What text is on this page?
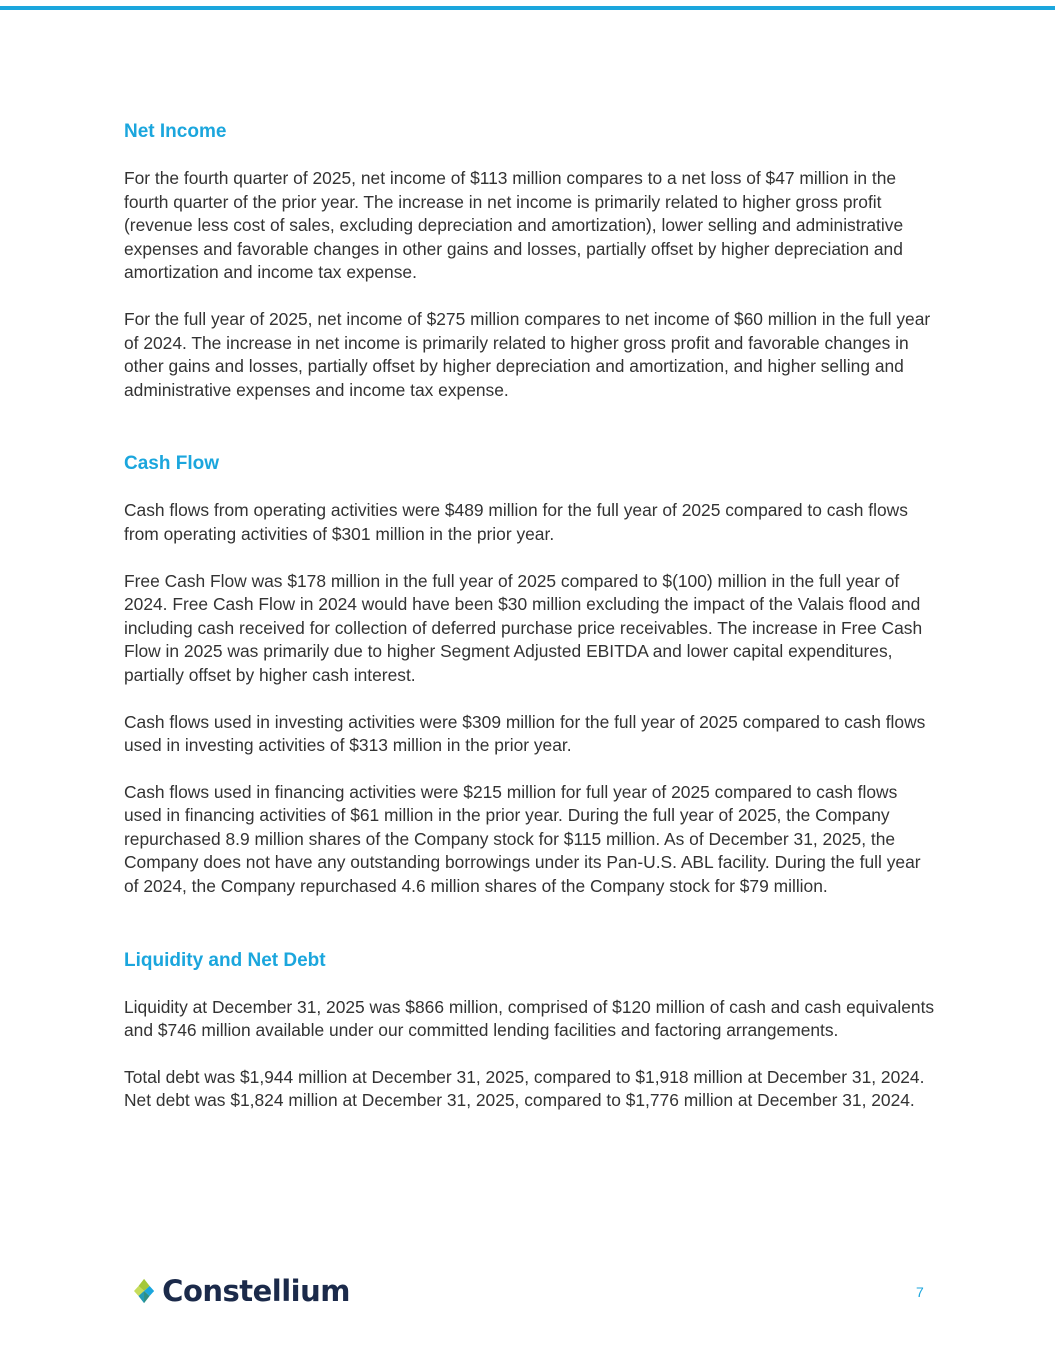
Net Income

For the fourth quarter of 2025, net income of $113 million compares to a net loss of $47 million in the fourth quarter of the prior year. The increase in net income is primarily related to higher gross profit (revenue less cost of sales, excluding depreciation and amortization), lower selling and administrative expenses and favorable changes in other gains and losses, partially offset by higher depreciation and amortization and income tax expense.

For the full year of 2025, net income of $275 million compares to net income of $60 million in the full year of 2024. The increase in net income is primarily related to higher gross profit and favorable changes in other gains and losses, partially offset by higher depreciation and amortization, and higher selling and administrative expenses and income tax expense.

Cash Flow

Cash flows from operating activities were $489 million for the full year of 2025 compared to cash flows from operating activities of $301 million in the prior year.

Free Cash Flow was $178 million in the full year of 2025 compared to $(100) million in the full year of 2024. Free Cash Flow in 2024 would have been $30 million excluding the impact of the Valais flood and including cash received for collection of deferred purchase price receivables. The increase in Free Cash Flow in 2025 was primarily due to higher Segment Adjusted EBITDA and lower capital expenditures, partially offset by higher cash interest.

Cash flows used in investing activities were $309 million for the full year of 2025 compared to cash flows used in investing activities of $313 million in the prior year.

Cash flows used in financing activities were $215 million for full year of 2025 compared to cash flows used in financing activities of $61 million in the prior year. During the full year of 2025, the Company repurchased 8.9 million shares of the Company stock for $115 million. As of December 31, 2025, the Company does not have any outstanding borrowings under its Pan-U.S. ABL facility. During the full year of 2024, the Company repurchased 4.6 million shares of the Company stock for $79 million.

Liquidity and Net Debt

Liquidity at December 31, 2025 was $866 million, comprised of $120 million of cash and cash equivalents and $746 million available under our committed lending facilities and factoring arrangements.

Total debt was $1,944 million at December 31, 2025, compared to $1,918 million at December 31, 2024. Net debt was $1,824 million at December 31, 2025, compared to $1,776 million at December 31, 2024.

Constellium	7
